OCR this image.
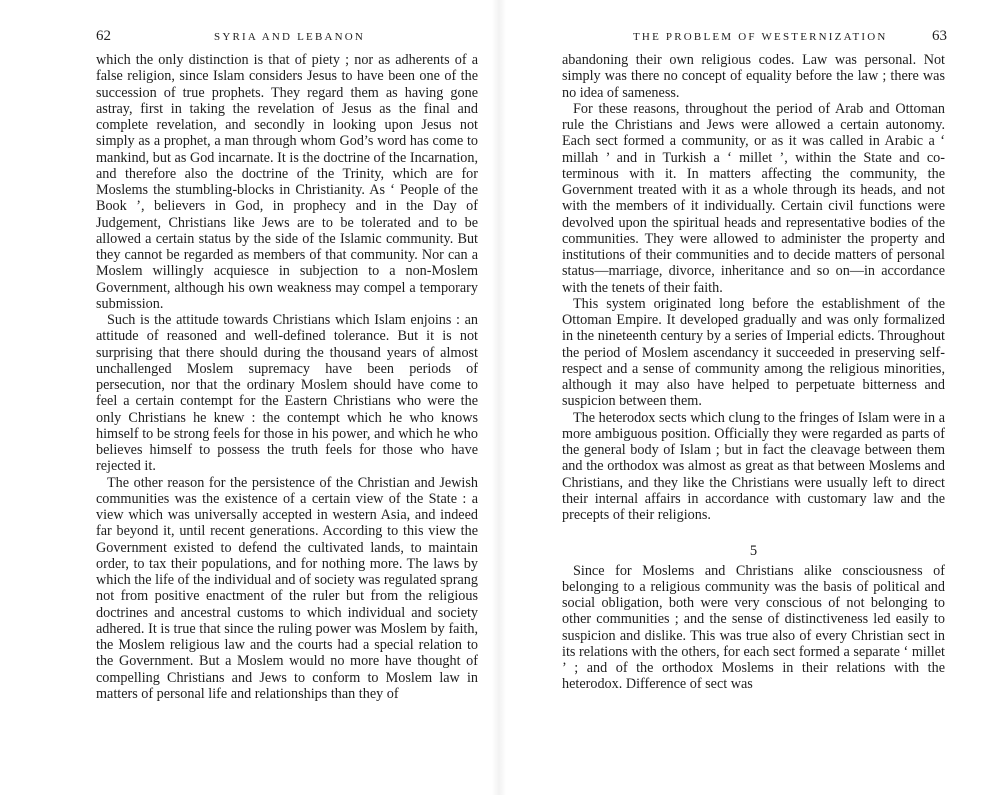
62	SYRIA AND LEBANON

which the only distinction is that of piety ; nor as adherents of a false religion, since Islam considers Jesus to have been one of the succession of true prophets. They regard them as having gone astray, first in taking the revelation of Jesus as the final and complete revelation, and secondly in looking upon Jesus not simply as a prophet, a man through whom God’s word has come to mankind, but as God incarnate. It is the doctrine of the Incarnation, and therefore also the doctrine of the Trinity, which are for Moslems the stumbling-blocks in Christianity. As ‘ People of the Book ’, believers in God, in prophecy and in the Day of Judgement, Christians like Jews are to be tolerated and to be allowed a certain status by the side of the Islamic community. But they cannot be regarded as members of that community. Nor can a Moslem willingly acquiesce in subjection to a non-Moslem Government, although his own weakness may compel a temporary submission.

Such is the attitude towards Christians which Islam enjoins : an attitude of reasoned and well-defined tolerance. But it is not surprising that there should during the thousand years of almost unchallenged Moslem supremacy have been periods of persecution, nor that the ordinary Moslem should have come to feel a certain contempt for the Eastern Christians who were the only Christians he knew : the contempt which he who knows himself to be strong feels for those in his power, and which he who believes himself to possess the truth feels for those who have rejected it.

The other reason for the persistence of the Christian and Jewish communities was the existence of a certain view of the State : a view which was universally accepted in western Asia, and indeed far beyond it, until recent generations. According to this view the Government existed to defend the cultivated lands, to maintain order, to tax their populations, and for nothing more. The laws by which the life of the individual and of society was regulated sprang not from positive enactment of the ruler but from the religious doctrines and ancestral customs to which individual and society adhered. It is true that since the ruling power was Moslem by faith, the Moslem religious law and the courts had a special relation to the Government. But a Moslem would no more have thought of compelling Christians and Jews to conform to Moslem law in matters of personal life and relationships than they of

THE PROBLEM OF WESTERNIZATION	63

abandoning their own religious codes. Law was personal. Not simply was there no concept of equality before the law ; there was no idea of sameness.

For these reasons, throughout the period of Arab and Ottoman rule the Christians and Jews were allowed a certain autonomy. Each sect formed a community, or as it was called in Arabic a ‘ millah ’ and in Turkish a ‘ millet ’, within the State and co-terminous with it. In matters affecting the community, the Government treated with it as a whole through its heads, and not with the members of it individually. Certain civil functions were devolved upon the spiritual heads and representative bodies of the communities. They were allowed to administer the property and institutions of their communities and to decide matters of personal status—marriage, divorce, inheritance and so on—in accordance with the tenets of their faith.

This system originated long before the establishment of the Ottoman Empire. It developed gradually and was only formalized in the nineteenth century by a series of Imperial edicts. Throughout the period of Moslem ascendancy it succeeded in preserving self-respect and a sense of community among the religious minorities, although it may also have helped to perpetuate bitterness and suspicion between them.

The heterodox sects which clung to the fringes of Islam were in a more ambiguous position. Officially they were regarded as parts of the general body of Islam ; but in fact the cleavage between them and the orthodox was almost as great as that between Moslems and Christians, and they like the Christians were usually left to direct their internal affairs in accordance with customary law and the precepts of their religions.

5

Since for Moslems and Christians alike consciousness of belonging to a religious community was the basis of political and social obligation, both were very conscious of not belonging to other communities ; and the sense of distinctiveness led easily to suspicion and dislike. This was true also of every Christian sect in its relations with the others, for each sect formed a separate ‘ millet ’ ; and of the orthodox Moslems in their relations with the heterodox. Difference of sect was
